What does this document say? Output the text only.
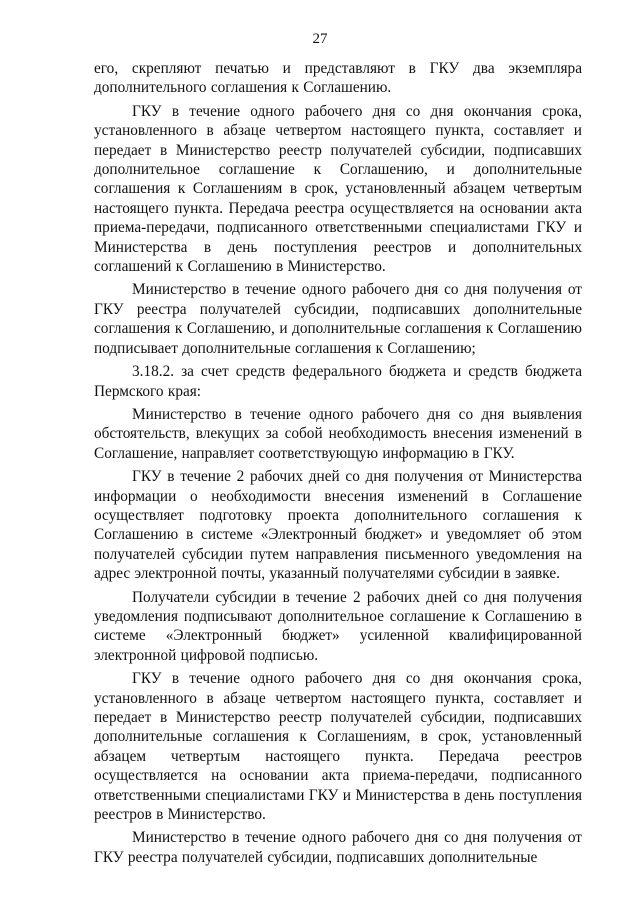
27

его, скрепляют печатью и представляют в ГКУ два экземпляра дополнительного соглашения к Соглашению.

ГКУ в течение одного рабочего дня со дня окончания срока, установленного в абзаце четвертом настоящего пункта, составляет и передает в Министерство реестр получателей субсидии, подписавших дополнительное соглашение к Соглашению, и дополнительные соглашения к Соглашениям в срок, установленный абзацем четвертым настоящего пункта. Передача реестра осуществляется на основании акта приема-передачи, подписанного ответственными специалистами ГКУ и Министерства в день поступления реестров и дополнительных соглашений к Соглашению в Министерство.

Министерство в течение одного рабочего дня со дня получения от ГКУ реестра получателей субсидии, подписавших дополнительные соглашения к Соглашению, и дополнительные соглашения к Соглашению подписывает дополнительные соглашения к Соглашению;

3.18.2. за счет средств федерального бюджета и средств бюджета Пермского края:

Министерство в течение одного рабочего дня со дня выявления обстоятельств, влекущих за собой необходимость внесения изменений в Соглашение, направляет соответствующую информацию в ГКУ.

ГКУ в течение 2 рабочих дней со дня получения от Министерства информации о необходимости внесения изменений в Соглашение осуществляет подготовку проекта дополнительного соглашения к Соглашению в системе «Электронный бюджет» и уведомляет об этом получателей субсидии путем направления письменного уведомления на адрес электронной почты, указанный получателями субсидии в заявке.

Получатели субсидии в течение 2 рабочих дней со дня получения уведомления подписывают дополнительное соглашение к Соглашению в системе «Электронный бюджет» усиленной квалифицированной электронной цифровой подписью.

ГКУ в течение одного рабочего дня со дня окончания срока, установленного в абзаце четвертом настоящего пункта, составляет и передает в Министерство реестр получателей субсидии, подписавших дополнительные соглашения к Соглашениям, в срок, установленный абзацем четвертым настоящего пункта. Передача реестров осуществляется на основании акта приема-передачи, подписанного ответственными специалистами ГКУ и Министерства в день поступления реестров в Министерство.

Министерство в течение одного рабочего дня со дня получения от ГКУ реестра получателей субсидии, подписавших дополнительные
